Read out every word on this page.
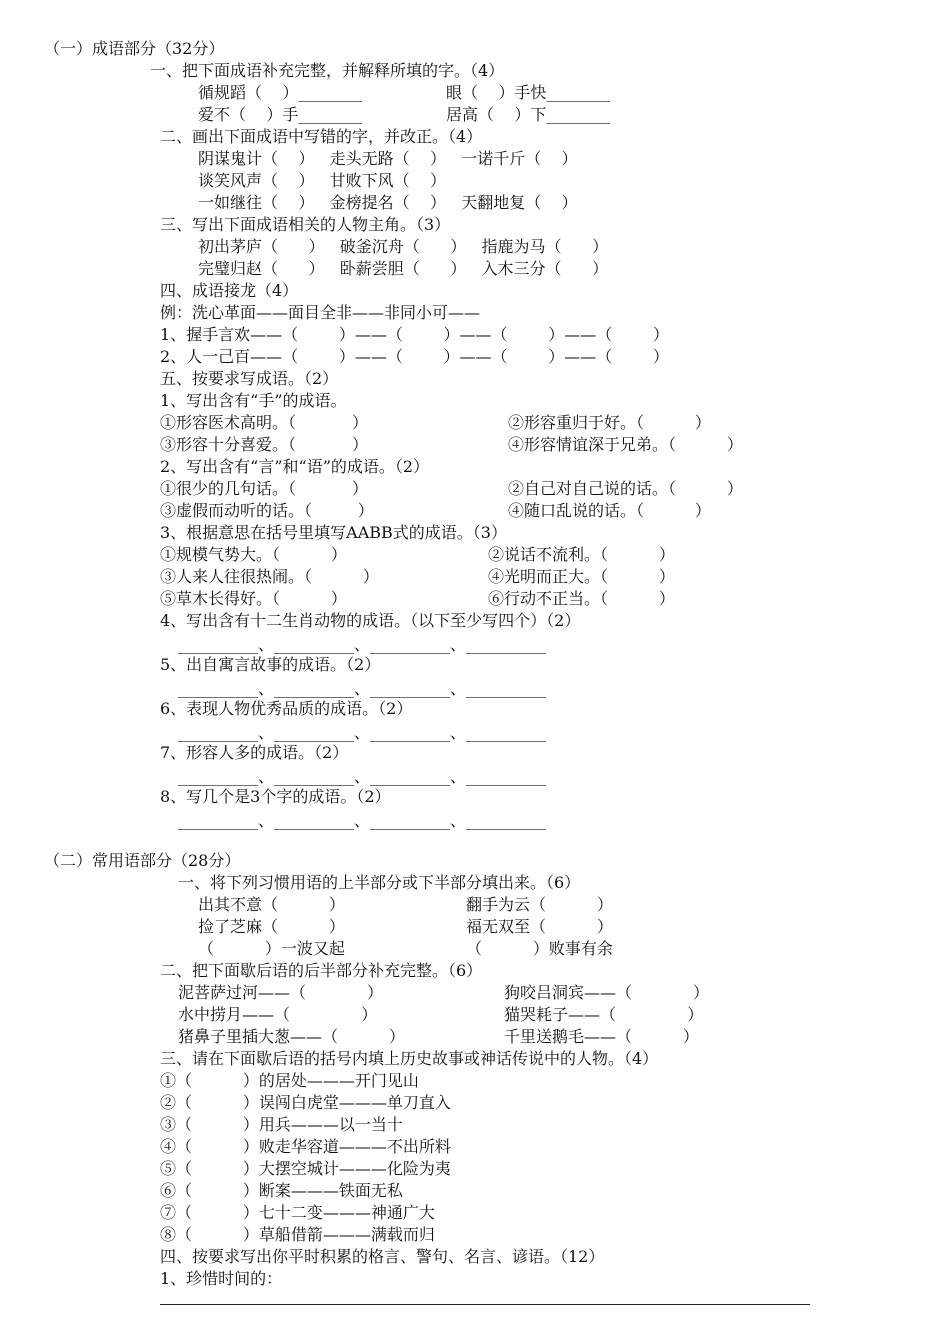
（一）成语部分（32分）
一、把下面成语补充完整，并解释所填的字。（4）
循规蹈（    ）________	眼（    ）手快________
爱不（    ）手________	居高（    ）下________
二、画出下面成语中写错的字，并改正。（4）
阴谋鬼计（    ）   走头无路（    ）   一诺千斤（    ）
谈笑风声（    ）   甘败下风（    ）
一如继往（    ）   金榜提名（    ）   天翻地复（    ）
三、写出下面成语相关的人物主角。（3）
初出茅庐（      ）   破釜沉舟（      ）   指鹿为马（      ）
完璧归赵（      ）   卧薪尝胆（      ）   入木三分（      ）
四、成语接龙（4）
例：洗心革面——面目全非——非同小可——
1、握手言欢——（        ）——（        ）——（        ）——（        ）
2、人一己百——（        ）——（        ）——（        ）——（        ）
五、按要求写成语。（2）
1、写出含有“手”的成语。
①形容医术高明。（           ）	②形容重归于好。（          ）
③形容十分喜爱。（           ）	④形容情谊深于兄弟。（          ）
2、写出含有“言”和“语”的成语。（2）
①很少的几句话。（           ）	②自己对自己说的话。（          ）
③虚假而动听的话。（         ）	④随口乱说的话。（          ）
3、根据意思在括号里填写AABB式的成语。（3）
①规模气势大。（          ）	②说话不流利。（          ）
③人来人往很热闹。（          ）	④光明而正大。（          ）
⑤草木长得好。（          ）	⑥行动不正当。（          ）
4、写出含有十二生肖动物的成语。（以下至少写四个）（2）
__________、__________、__________、__________
5、出自寓言故事的成语。（2）
__________、__________、__________、__________
6、表现人物优秀品质的成语。（2）
__________、__________、__________、__________
7、形容人多的成语。（2）
__________、__________、__________、__________
8、写几个是3个字的成语。（2）
__________、__________、__________、__________
（二）常用语部分（28分）
一、将下列习惯用语的上半部分或下半部分填出来。（6）
出其不意（          ）	翻手为云（          ）
捡了芝麻（          ）	福无双至（          ）
（          ）一波又起	（          ）败事有余
二、把下面歇后语的后半部分补充完整。（6）
泥菩萨过河——（            ）	狗咬吕洞宾——（            ）
水中捞月——（              ）	猫哭耗子——（              ）
猪鼻子里插大葱——（          ）	千里送鹅毛——（          ）
三、请在下面歇后语的括号内填上历史故事或神话传说中的人物。（4）
①（          ）的居处———开门见山
②（          ）误闯白虎堂———单刀直入
③（          ）用兵———以一当十
④（          ）败走华容道———不出所料
⑤（          ）大摆空城计———化险为夷
⑥（          ）断案———铁面无私
⑦（          ）七十二变———神通广大
⑧（          ）草船借箭———满载而归
四、按要求写出你平时积累的格言、警句、名言、谚语。（12）
1、珍惜时间的：
